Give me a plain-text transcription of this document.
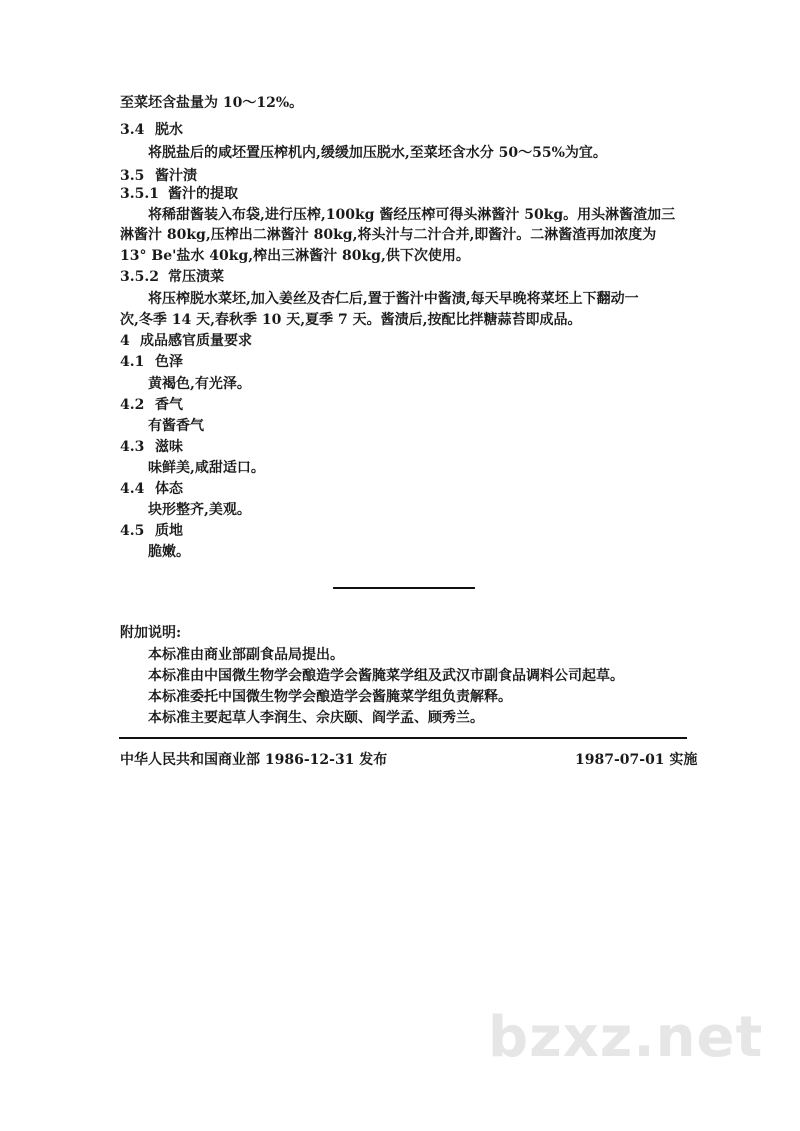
至菜坯含盐量为 10～12%。
3.4 脱水
将脱盐后的咸坯置压榨机内,缓缓加压脱水,至菜坯含水分 50～55%为宜。
3.5 酱汁渍
3.5.1 酱汁的提取
将稀甜酱装入布袋,进行压榨,100kg 酱经压榨可得头淋酱汁 50kg。用头淋酱渣加三
淋酱汁 80kg,压榨出二淋酱汁 80kg,将头汁与二汁合并,即酱汁。二淋酱渣再加浓度为
13° Be'盐水 40kg,榨出三淋酱汁 80kg,供下次使用。
3.5.2 常压渍菜
将压榨脱水菜坯,加入姜丝及杏仁后,置于酱汁中酱渍,每天早晚将菜坯上下翻动一
次,冬季 14 天,春秋季 10 天,夏季 7 天。酱渍后,按配比拌糖蒜苔即成品。
4 成品感官质量要求
4.1 色泽
黄褐色,有光泽。
4.2 香气
有酱香气
4.3 滋味
味鲜美,咸甜适口。
4.4 体态
块形整齐,美观。
4.5 质地
脆嫩。
附加说明:
本标准由商业部副食品局提出。
本标准由中国微生物学会酿造学会酱腌菜学组及武汉市副食品调料公司起草。
本标准委托中国微生物学会酿造学会酱腌菜学组负责解释。
本标准主要起草人李润生、佘庆颐、阎学孟、顾秀兰。
中华人民共和国商业部 1986-12-31 发布	1987-07-01 实施
bzxz.net
